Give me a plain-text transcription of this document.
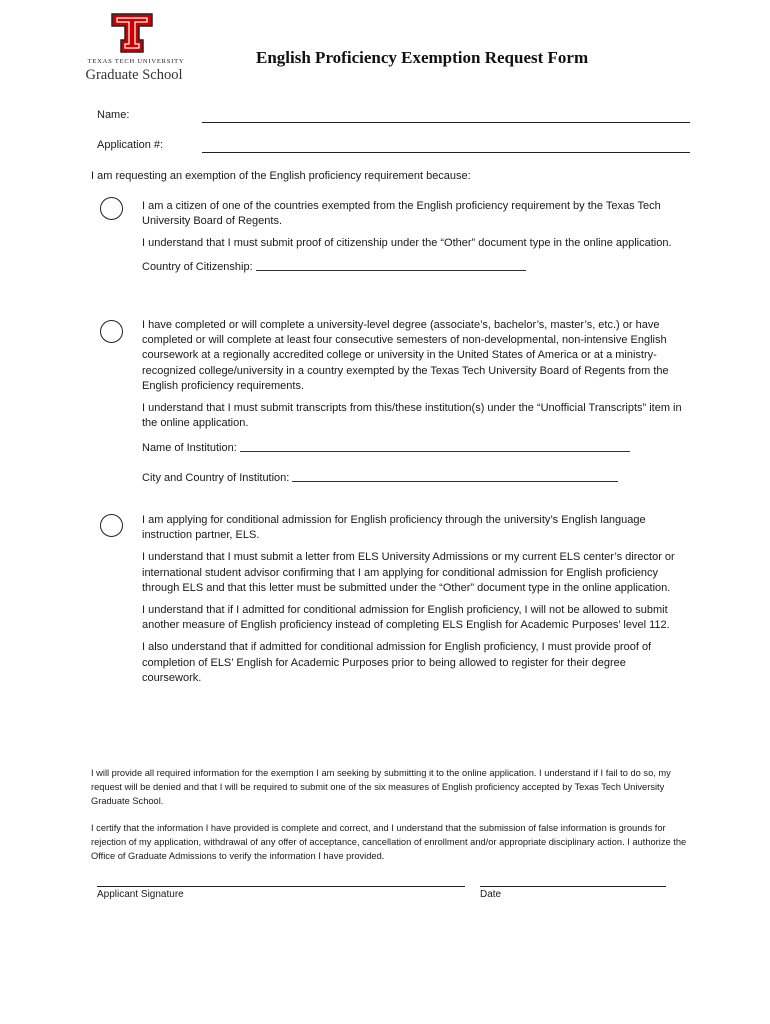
TEXAS TECH UNIVERSITY
Graduate School
English Proficiency Exemption Request Form
Name:
Application #:
I am requesting an exemption of the English proficiency requirement because:

I am a citizen of one of the countries exempted from the English proficiency requirement by the Texas Tech University Board of Regents.

I understand that I must submit proof of citizenship under the “Other” document type in the online application.

Country of Citizenship:

I have completed or will complete a university-level degree (associate’s, bachelor’s, master’s, etc.) or have completed or will complete at least four consecutive semesters of non-developmental, non-intensive English coursework at a regionally accredited college or university in the United States of America or at a ministry-recognized college/university in a country exempted by the Texas Tech University Board of Regents from the English proficiency requirements.

I understand that I must submit transcripts from this/these institution(s) under the “Unofficial Transcripts” item in the online application.

Name of Institution:

City and Country of Institution:

I am applying for conditional admission for English proficiency through the university’s English language instruction partner, ELS.

I understand that I must submit a letter from ELS University Admissions or my current ELS center’s director or international student advisor confirming that I am applying for conditional admission for English proficiency through ELS and that this letter must be submitted under the “Other” document type in the online application.

I understand that if I admitted for conditional admission for English proficiency, I will not be allowed to submit another measure of English proficiency instead of completing ELS English for Academic Purposes’ level 112.

I also understand that if admitted for conditional admission for English proficiency, I must provide proof of completion of ELS’ English for Academic Purposes prior to being allowed to register for their degree coursework.

I will provide all required information for the exemption I am seeking by submitting it to the online application. I understand if I fail to do so, my request will be denied and that I will be required to submit one of the six measures of English proficiency accepted by Texas Tech University Graduate School.

I certify that the information I have provided is complete and correct, and I understand that the submission of false information is grounds for rejection of my application, withdrawal of any offer of acceptance, cancellation of enrollment and/or appropriate disciplinary action. I authorize the Office of Graduate Admissions to verify the information I have provided.

Applicant Signature	Date
